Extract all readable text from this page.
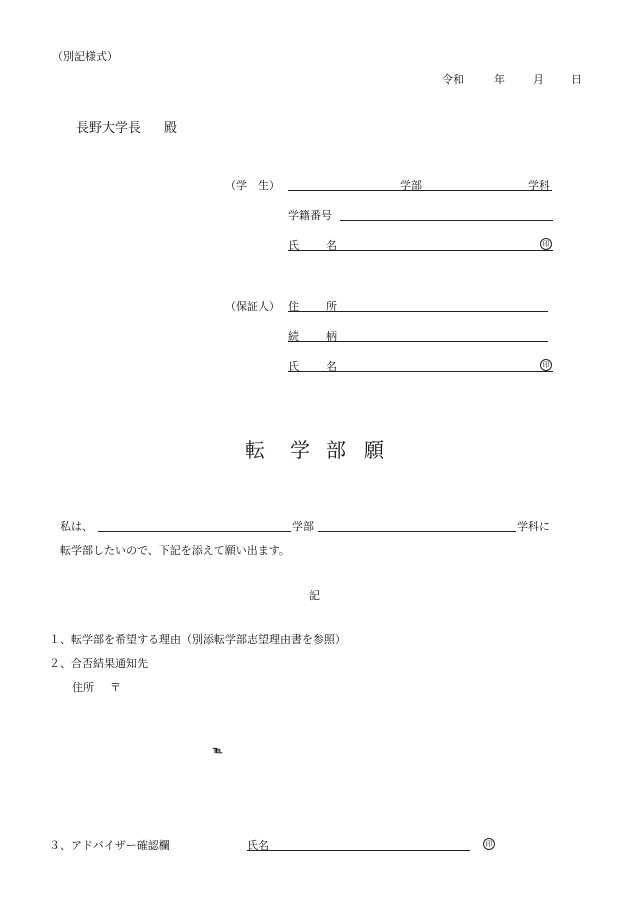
（別記様式）
令和	年	月 日
長野大学長 殿
（学　生）	学部	学科
学籍番号
氏 名	印
（保証人） 住 所
続 柄
氏 名	印
転 学 部 願
私は、	学部	学科に
転学部したいので、下記を添えて願い出ます。
記
１、転学部を希望する理由（別添転学部志望理由書を参照）
２、合否結果通知先
住所 〒
℡
３、アドバイザー確認欄	氏名	印
